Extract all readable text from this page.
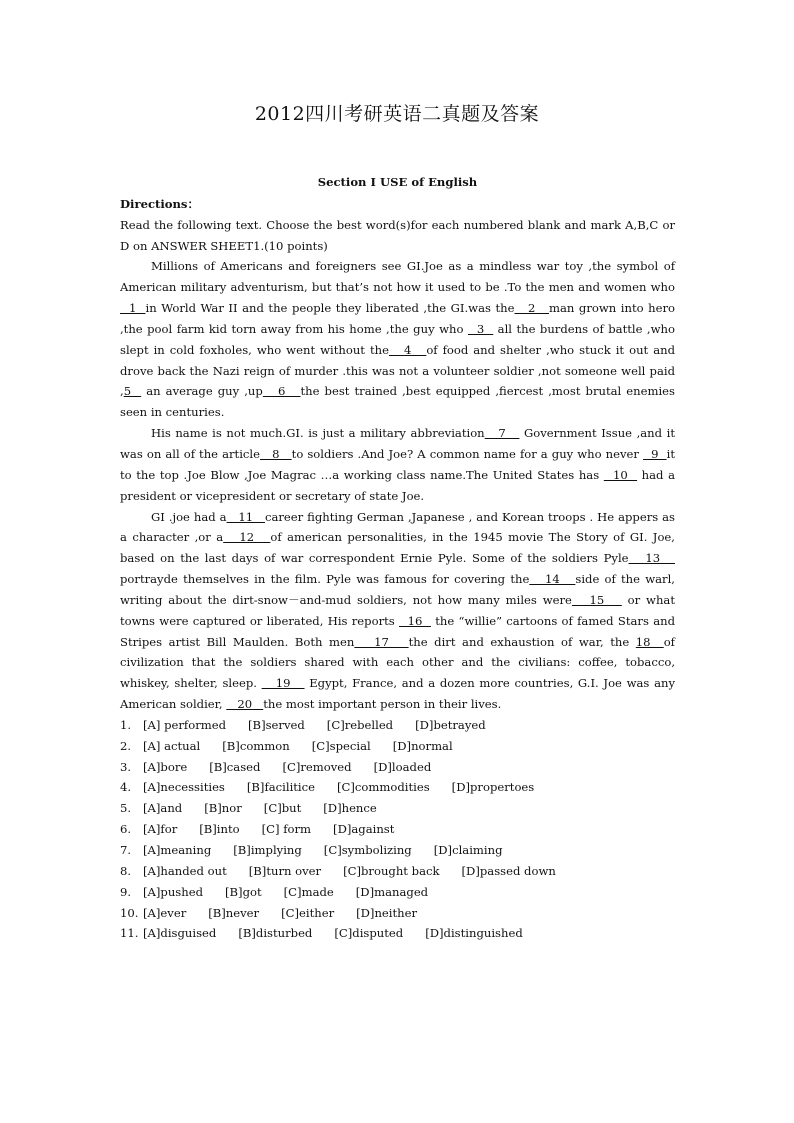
2012四川考研英语二真题及答案
Section I USE of English
Directions：

Read the following text. Choose the best word(s)for each numbered blank and mark A,B,C or D on ANSWER SHEET1.(10 points)

Millions of Americans and foreigners see GI.Joe as a mindless war toy ,the symbol of American military adventurism, but that’s not how it used to be .To the men and women who   1  in World War II and the people they liberated ,the GI.was the   2   man grown into hero ,the pool farm kid torn away from his home ,the guy who   3   all the burdens of battle ,who slept in cold foxholes, who went without the   4   of food and shelter ,who stuck it out and drove back the Nazi reign of murder .this was not a volunteer soldier ,not someone well paid ,5   an average guy ,up   6   the best trained ,best equipped ,fiercest ,most brutal enemies seen in centuries.

His name is not much.GI. is just a military abbreviation   7    Government Issue ,and it was on all of the article   8   to soldiers .And Joe? A common name for a guy who never   9  it to the top .Joe Blow ,Joe Magrac …a working class name.The United States has   10   had a president or vicepresident or secretary of state Joe.

GI .joe had a   11   career fighting German ,Japanese , and Korean troops . He appers as a character ,or a   12   of american personalities, in the 1945 movie The Story of GI. Joe, based on the last days of war correspondent Ernie Pyle. Some of the soldiers Pyle   13    portrayde themselves in the film. Pyle was famous for covering the   14   side of the warl, writing about the dirt-snow－and-mud soldiers, not how many miles were   15    or what towns were captured or liberated, His reports   16   the “willie” cartoons of famed Stars and Stripes artist Bill Maulden. Both men   17   the dirt and exhaustion of war, the 18  of civilization that the soldiers shared with each other and the civilians: coffee, tobacco, whiskey, shelter, sleep.    19    Egypt, France, and a dozen more countries, G.I. Joe was any American soldier,    20   the most important person in their lives.

1. [A] performed [B]served [C]rebelled [D]betrayed
2. [A] actual [B]common [C]special [D]normal
3. [A]bore [B]cased [C]removed [D]loaded
4. [A]necessities [B]facilitice [C]commodities [D]propertoes
5. [A]and [B]nor [C]but [D]hence
6. [A]for [B]into [C] form [D]against
7. [A]meaning [B]implying [C]symbolizing [D]claiming
8. [A]handed out [B]turn over [C]brought back [D]passed down
9. [A]pushed [B]got [C]made [D]managed
10. [A]ever [B]never [C]either [D]neither
11. [A]disguised [B]disturbed [C]disputed [D]distinguished
